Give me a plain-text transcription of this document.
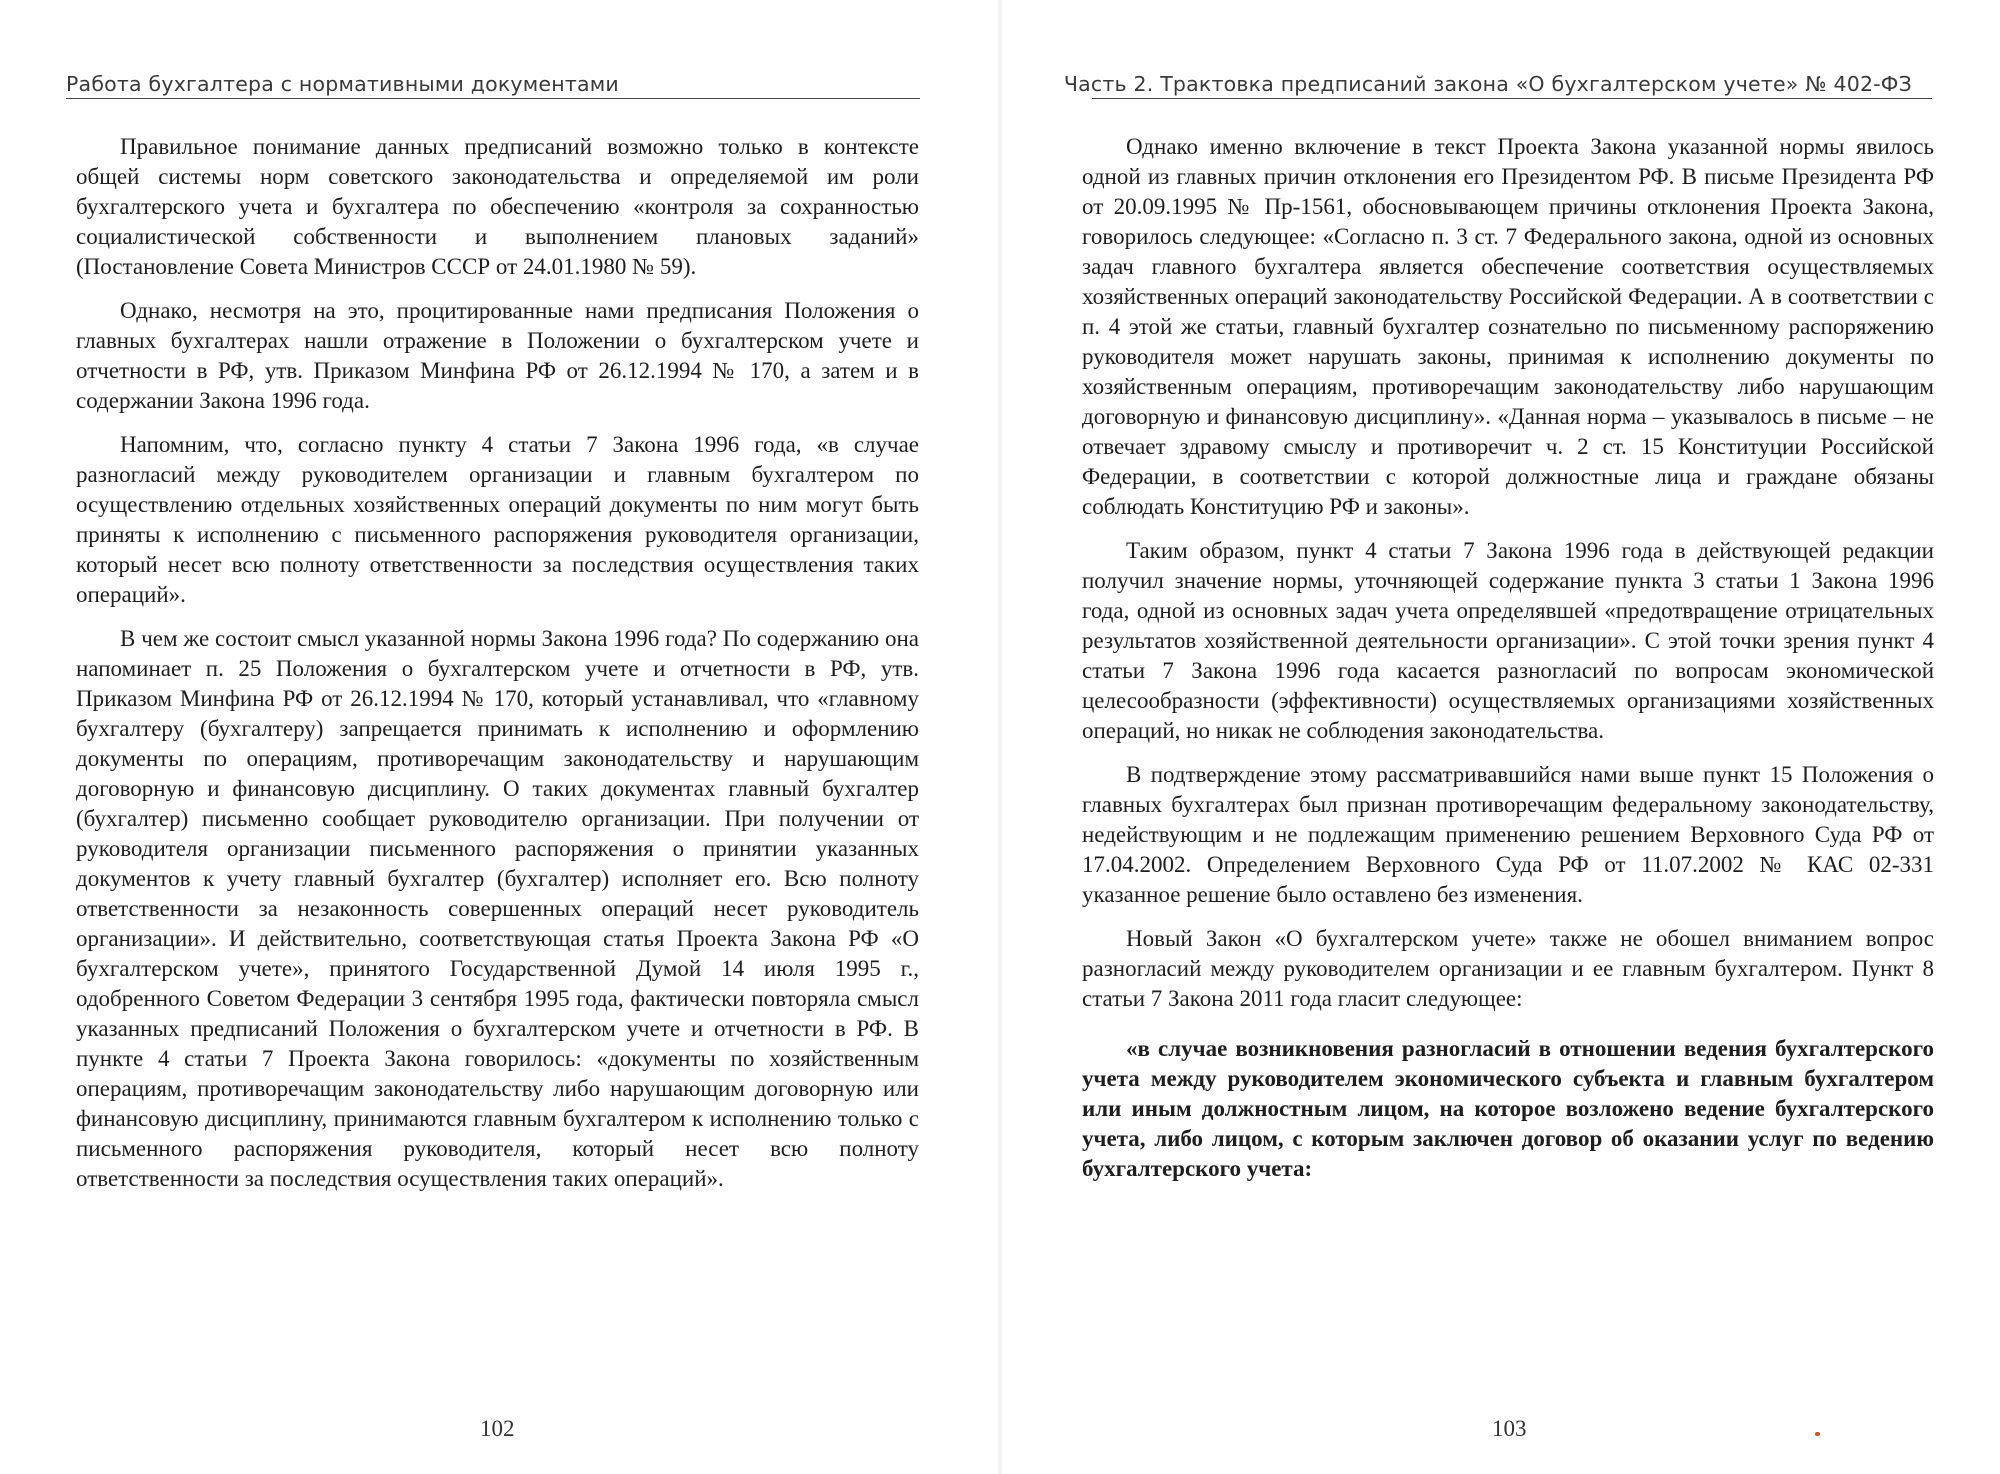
Работа бухгалтера с нормативными документами

Правильное понимание данных предписаний возможно только в контексте общей системы норм советского законодательства и определяемой им роли бухгалтерского учета и бухгалтера по обеспечению «контроля за сохранностью социалистической собственности и выполнением плановых заданий» (Постановление Совета Министров СССР от 24.01.1980 № 59).

Однако, несмотря на это, процитированные нами предписания Положения о главных бухгалтерах нашли отражение в Положении о бухгалтерском учете и отчетности в РФ, утв. Приказом Минфина РФ от 26.12.1994 № 170, а затем и в содержании Закона 1996 года.

Напомним, что, согласно пункту 4 статьи 7 Закона 1996 года, «в случае разногласий между руководителем организации и главным бухгалтером по осуществлению отдельных хозяйственных операций документы по ним могут быть приняты к исполнению с письменного распоряжения руководителя организации, который несет всю полноту ответственности за последствия осуществления таких операций».

В чем же состоит смысл указанной нормы Закона 1996 года? По содержанию она напоминает п. 25 Положения о бухгалтерском учете и отчетности в РФ, утв. Приказом Минфина РФ от 26.12.1994 № 170, который устанавливал, что «главному бухгалтеру (бухгалтеру) запрещается принимать к исполнению и оформлению документы по операциям, противоречащим законодательству и нарушающим договорную и финансовую дисциплину. О таких документах главный бухгалтер (бухгалтер) письменно сообщает руководителю организации. При получении от руководителя организации письменного распоряжения о принятии указанных документов к учету главный бухгалтер (бухгалтер) исполняет его. Всю полноту ответственности за незаконность совершенных операций несет руководитель организации». И действительно, соответствующая статья Проекта Закона РФ «О бухгалтерском учете», принятого Государственной Думой 14 июля 1995 г., одобренного Советом Федерации 3 сентября 1995 года, фактически повторяла смысл указанных предписаний Положения о бухгалтерском учете и отчетности в РФ. В пункте 4 статьи 7 Проекта Закона говорилось: «документы по хозяйственным операциям, противоречащим законодательству либо нарушающим договорную или финансовую дисциплину, принимаются главным бухгалтером к исполнению только с письменного распоряжения руководителя, который несет всю полноту ответственности за последствия осуществления таких операций».

102
Часть 2. Трактовка предписаний закона «О бухгалтерском учете» № 402-ФЗ

Однако именно включение в текст Проекта Закона указанной нормы явилось одной из главных причин отклонения его Президентом РФ. В письме Президента РФ от 20.09.1995 № Пр-1561, обосновывающем причины отклонения Проекта Закона, говорилось следующее: «Согласно п. 3 ст. 7 Федерального закона, одной из основных задач главного бухгалтера является обеспечение соответствия осуществляемых хозяйственных операций законодательству Российской Федерации. А в соответствии с п. 4 этой же статьи, главный бухгалтер сознательно по письменному распоряжению руководителя может нарушать законы, принимая к исполнению документы по хозяйственным операциям, противоречащим законодательству либо нарушающим договорную и финансовую дисциплину». «Данная норма – указывалось в письме – не отвечает здравому смыслу и противоречит ч. 2 ст. 15 Конституции Российской Федерации, в соответствии с которой должностные лица и граждане обязаны соблюдать Конституцию РФ и законы».

Таким образом, пункт 4 статьи 7 Закона 1996 года в действующей редакции получил значение нормы, уточняющей содержание пункта 3 статьи 1 Закона 1996 года, одной из основных задач учета определявшей «предотвращение отрицательных результатов хозяйственной деятельности организации». С этой точки зрения пункт 4 статьи 7 Закона 1996 года касается разногласий по вопросам экономической целесообразности (эффективности) осуществляемых организациями хозяйственных операций, но никак не соблюдения законодательства.

В подтверждение этому рассматривавшийся нами выше пункт 15 Положения о главных бухгалтерах был признан противоречащим федеральному законодательству, недействующим и не подлежащим применению решением Верховного Суда РФ от 17.04.2002. Определением Верховного Суда РФ от 11.07.2002 № КАС 02-331 указанное решение было оставлено без изменения.

Новый Закон «О бухгалтерском учете» также не обошел вниманием вопрос разногласий между руководителем организации и ее главным бухгалтером. Пункт 8 статьи 7 Закона 2011 года гласит следующее:

«в случае возникновения разногласий в отношении ведения бухгалтерского учета между руководителем экономического субъекта и главным бухгалтером или иным должностным лицом, на которое возложено ведение бухгалтерского учета, либо лицом, с которым заключен договор об оказании услуг по ведению бухгалтерского учета:

103
